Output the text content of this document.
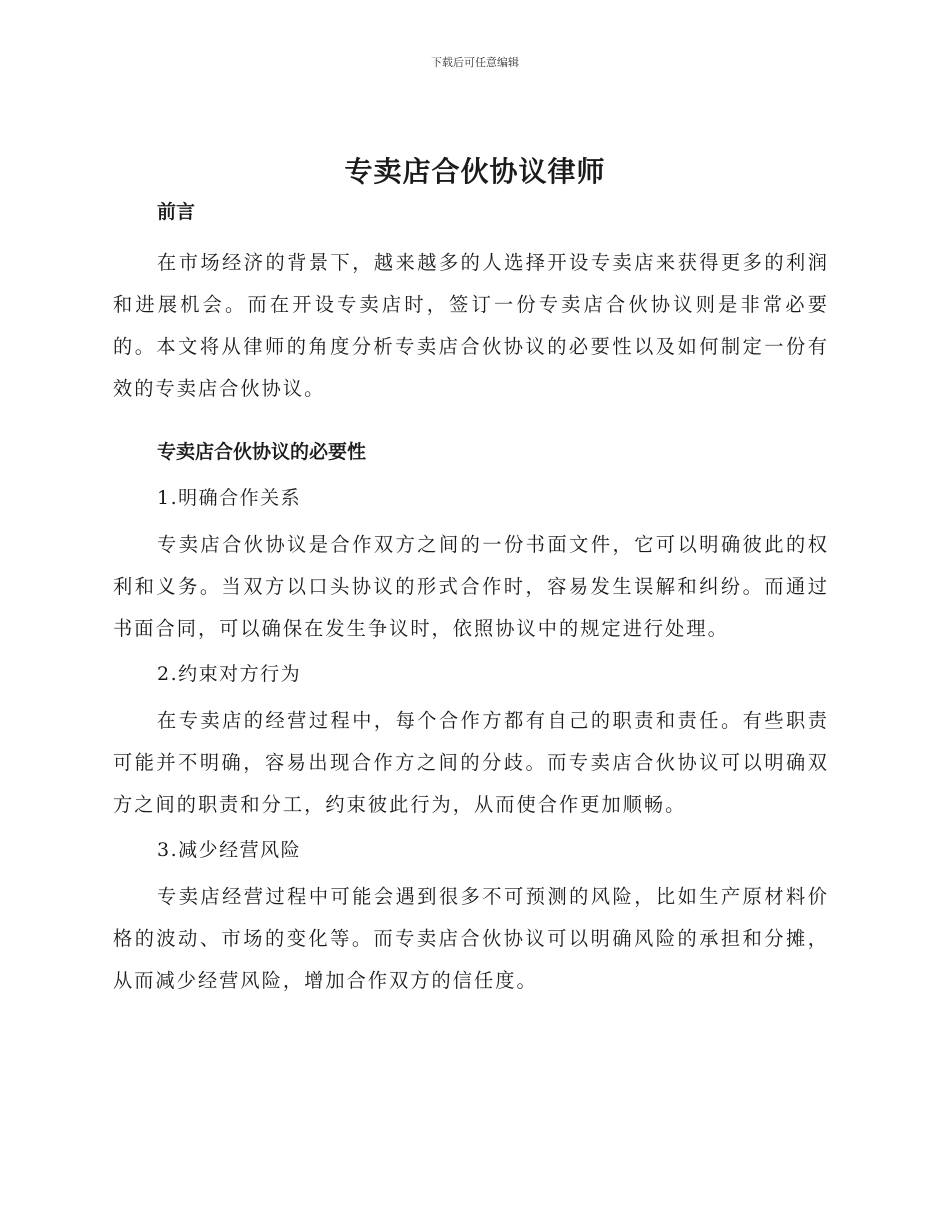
下载后可任意编辑
专卖店合伙协议律师
前言

在市场经济的背景下，越来越多的人选择开设专卖店来获得更多的利润和进展机会。而在开设专卖店时，签订一份专卖店合伙协议则是非常必要的。本文将从律师的角度分析专卖店合伙协议的必要性以及如何制定一份有效的专卖店合伙协议。

专卖店合伙协议的必要性
1.明确合作关系

专卖店合伙协议是合作双方之间的一份书面文件，它可以明确彼此的权利和义务。当双方以口头协议的形式合作时，容易发生误解和纠纷。而通过书面合同，可以确保在发生争议时，依照协议中的规定进行处理。

2.约束对方行为

在专卖店的经营过程中，每个合作方都有自己的职责和责任。有些职责可能并不明确，容易出现合作方之间的分歧。而专卖店合伙协议可以明确双方之间的职责和分工，约束彼此行为，从而使合作更加顺畅。

3.减少经营风险

专卖店经营过程中可能会遇到很多不可预测的风险，比如生产原材料价格的波动、市场的变化等。而专卖店合伙协议可以明确风险的承担和分摊，从而减少经营风险，增加合作双方的信任度。
